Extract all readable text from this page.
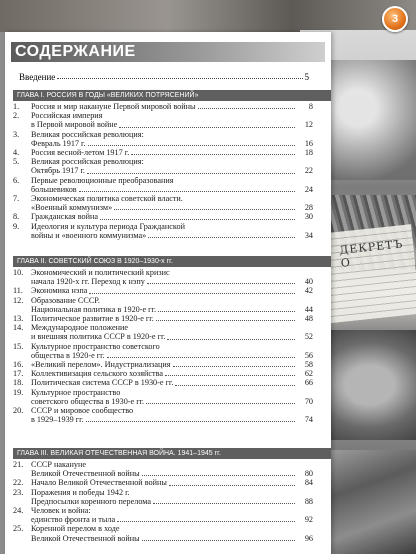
ДЕКРЕТЪ О
3
СОДЕРЖАНИЕ
Введение	5
ГЛАВА I. РОССИЯ В ГОДЫ «ВЕЛИКИХ ПОТРЯСЕНИЙ»
1.	Россия и мир накануне Первой мировой войны	8
2.	Российская империя
в Первой мировой войне	12
3.	Великая российская революция:
Февраль 1917 г.	16
4.	Россия весной-летом 1917 г.	18
5.	Великая российская революция:
Октябрь 1917 г.	22
6.	Первые революционные преобразования
большевиков	24
7.	Экономическая политика советской власти.
«Военный коммунизм»	28
8.	Гражданская война	30
9.	Идеология и культура периода Гражданской
войны и «военного коммунизма»	34
ГЛАВА II. СОВЕТСКИЙ СОЮЗ В 1920–1930-х гг.
10. Экономический и политический кризис
начала 1920-х гг. Переход к нэпу	40
11. Экономика нэпа	42
12. Образование СССР.
Национальная политика в 1920-е гг.	44
13. Политическое развитие в 1920-е гг.	48
14. Международное положение
и внешняя политика СССР в 1920-е гг.	52
15. Культурное пространство советского
общества в 1920-е гг.	56
16. «Великий перелом». Индустриализация	58
17. Коллективизация сельского хозяйства	62
18. Политическая система СССР в 1930-е гг.	66
19. Культурное пространство
советского общества в 1930-е гг.	70
20. СССР и мировое сообщество
в 1929–1939 гг.	74
ГЛАВА III. ВЕЛИКАЯ ОТЕЧЕСТВЕННАЯ ВОЙНА. 1941–1945 гг.
21. СССР накануне
Великой Отечественной войны	80
22. Начало Великой Отечественной войны	84
23. Поражения и победы 1942 г.
Предпосылки коренного перелома	88
24. Человек и война:
единство фронта и тыла	92
25. Коренной перелом в ходе
Великой Отечественной войны	96
